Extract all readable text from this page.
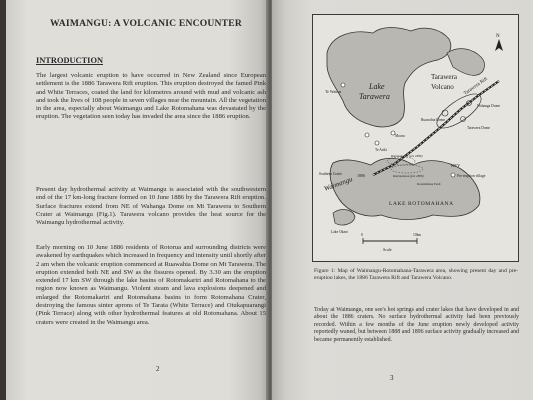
WAIMANGU: A VOLCANIC ENCOUNTER
INTRODUCTION
The largest volcanic eruption to have occurred in New Zealand since European settlement is the 1886 Tarawera Rift eruption. This eruption destroyed the famed Pink and White Terraces, coated the land for kilometres around with mud and volcanic ash and took the lives of 108 people in seven villages near the mountain. All the vegetation in the area, especially about Waimangu and Lake Rotomahana was devastated by the eruption. The vegetation seen today has invaded the area since the 1886 eruption.
Present day hydrothermal activity at Waimangu is associated with the southwestern end of the 17 km-long fracture formed on 10 June 1886 by the Tarawera Rift eruption. Surface fractures extend from NE of Wahanga Dome on Mt Tarawera to Southern Crater at Waimangu (Fig.1). Tarawera volcano provides the heat source for the Waimangu hydrothermal activity.
Early morning on 10 June 1886 residents of Rotorua and surrounding districts were awakened by earthquakes which increased in frequency and intensity until shortly after 2 am when the volcanic eruption commenced at Ruawahia Dome on Mt Tarawera. The eruption extended both NE and SW as the fissures opened. By 3.30 am the eruption extended 17 km SW through the lake basins of Rotomakariri and Rotomahana to the region now known as Waimangu. Violent steam and lava explosions deepened and enlarged the Rotomakariri and Rotomahana basins to form Rotomahana Crater, destroying the famous sinter aprons of Te Tarata (White Terrace) and Otukapuarangi (Pink Terrace) along with other hydrothermal features at old Rotomahana. About 15 craters were created in the Waimangu area.
2
Lake
Tarawera
Tarawera
Volcano
LAKE ROTOMAHANA
Waimangu
Te Wairoa	Tarawera Rift
Wahanga Dome
Ruawahia Dome
Tarawera Dome
Southern Crater	1886
KEY
Pre eruption village
Scale
0	10km
Lake Okaro
Te Ariki
Moura
Rotomakariri (pre 1886)
Rotomahana (pre 1886)
Rotomahana Fault
N
Figure 1: Map of Waimangu-Rotomahana-Tarawera area, showing present day and pre-eruption lakes, the 1886 Tarawera Rift and Tarawera Volcano.
Today at Waimangu, one see's hot springs and crater lakes that have developed in and about the 1886 craters. No surface hydrothermal activity had been previously recorded. Within a few months of the June eruption newly developed activity reportedly waned, but between 1888 and 1896 surface activity gradually increased and became permanently established.
3
